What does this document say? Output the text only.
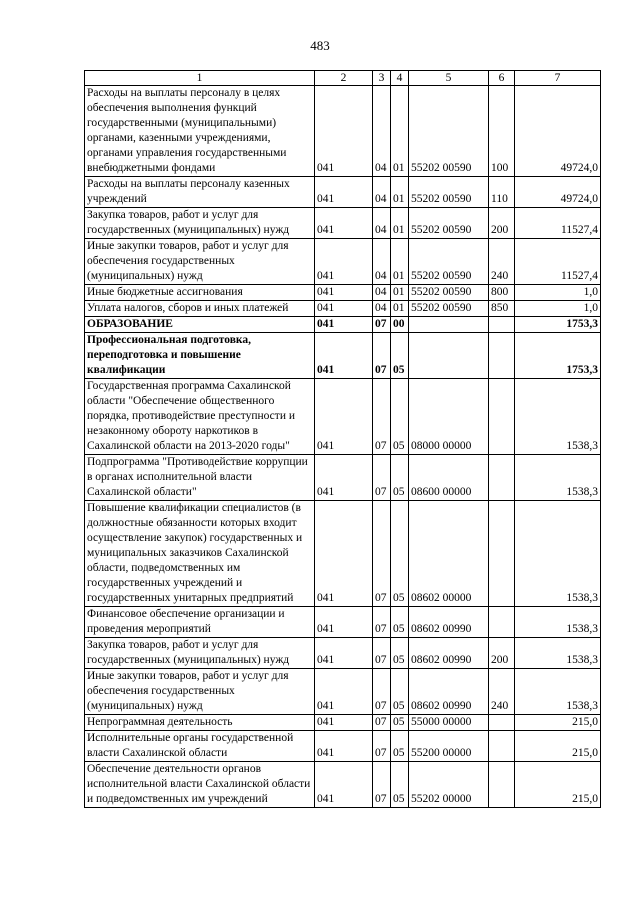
483
1	2	3	4	5	6	7
Расходы на выплаты персоналу в целях обеспечения выполнения функций государственными (муниципальными) органами, казенными учреждениями, органами управления государственными внебюджетными фондами	041	04	01	55202 00590	100	49724,0
Расходы на выплаты персоналу казенных учреждений	041	04	01	55202 00590	110	49724,0
Закупка товаров, работ и услуг для государственных (муниципальных) нужд	041	04	01	55202 00590	200	11527,4
Иные закупки товаров, работ и услуг для обеспечения государственных (муниципальных) нужд	041	04	01	55202 00590	240	11527,4
Иные бюджетные ассигнования	041	04	01	55202 00590	800	1,0
Уплата налогов, сборов и иных платежей	041	04	01	55202 00590	850	1,0
ОБРАЗОВАНИЕ	041	07	00			1753,3
Профессиональная подготовка, переподготовка и повышение квалификации	041	07	05			1753,3
Государственная программа Сахалинской области "Обеспечение общественного порядка, противодействие преступности и незаконному обороту наркотиков в Сахалинской области на 2013-2020 годы"	041	07	05	08000 00000		1538,3
Подпрограмма "Противодействие коррупции в органах исполнительной власти Сахалинской области"	041	07	05	08600 00000		1538,3
Повышение квалификации специалистов (в должностные обязанности которых входит осуществление закупок) государственных и муниципальных заказчиков Сахалинской области, подведомственных им государственных учреждений и государственных унитарных предприятий	041	07	05	08602 00000		1538,3
Финансовое обеспечение организации и проведения мероприятий	041	07	05	08602 00990		1538,3
Закупка товаров, работ и услуг для государственных (муниципальных) нужд	041	07	05	08602 00990	200	1538,3
Иные закупки товаров, работ и услуг для обеспечения государственных (муниципальных) нужд	041	07	05	08602 00990	240	1538,3
Непрограммная деятельность	041	07	05	55000 00000		215,0
Исполнительные органы государственной власти Сахалинской области	041	07	05	55200 00000		215,0
Обеспечение деятельности органов исполнительной власти Сахалинской области и подведомственных им учреждений	041	07	05	55202 00000		215,0
